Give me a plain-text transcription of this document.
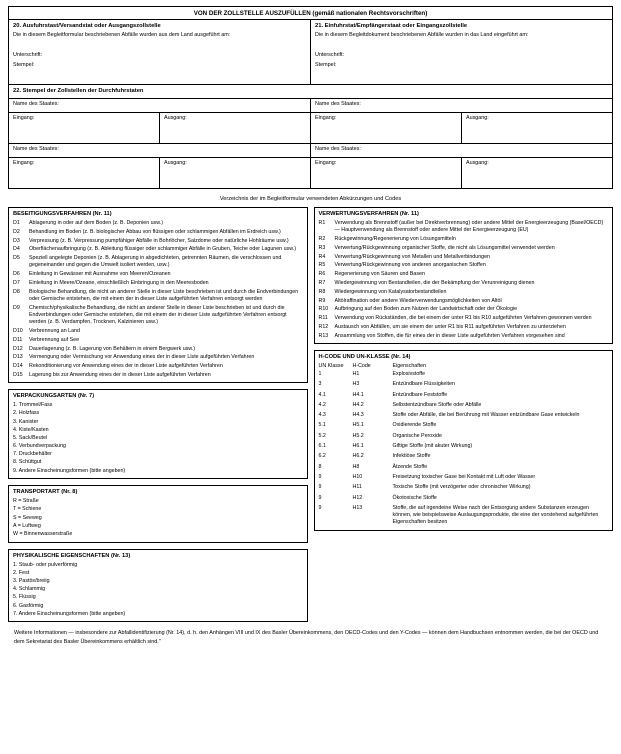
VON DER ZOLLSTELLE AUSZUFÜLLEN (gemäß nationalen Rechtsvorschriften)
20. Ausfuhrstast/Versandstat oder Ausgangszollstelle
Die in diesem Begleitformular beschriebenen Abfälle wurden aus dem Land ausgeführt am:
Unterschrift:
Stempel:
21. Einfuhrstat/Empfängerstaat oder Eingangszollstelle
Die in diesem Begleitdokument beschriebenen Abfälle wurden in das Land eingeführt am:
Unterschrift:
Stempel:
22. Stempel der Zollstellen der Durchfuhrstaten
Name des Staates:
Eingang:	Ausgang:
Name des Staates:
Eingang:	Ausgang:
Name des Staates:
Eingang:	Ausgang:
Name des Staates:
Eingang:	Ausgang:
Verzeichnis der im Begleitformular verwendeten Abkürzungen und Codes
BESEITIGUNGSVERFAHREN (Nr. 11)
D1	Ablagerung in oder auf dem Boden (z. B. Deponien usw.)
D2	Behandlung im Boden (z. B. biologischer Abbau von flüssigen oder schlammigen Abfällen im Erdreich usw.)
D3	Verpressung (z. B. Verpressung pumpfähiger Abfälle in Bohrlöcher, Salzdome oder natürliche Hohlräume usw.)
D4	Oberflächenaufbringung (z. B. Ableitung flüssiger oder schlammiger Abfälle in Gruben, Teiche oder Lagunen usw.)
D5	Speziell angelegte Deponien (z. B. Ablagerung in abgedichteten, getrennten Räumen, die verschlossen und gegeneinander und gegen die Umwelt isoliert werden, usw.)
D6	Einleitung in Gewässer mit Ausnahme von Meeren/Ozeanen
D7	Einleitung in Meere/Ozeane, einschließlich Einbringung in den Meeresboden
D8	Biologische Behandlung, die nicht an anderer Stelle in dieser Liste beschrieben ist und durch die Endverbindungen oder Gemische entstehen, die mit einem der in dieser Liste aufgeführten Verfahren entsorgt werden
D9	Chemisch/physikalische Behandlung, die nicht an anderer Stelle in dieser Liste beschrieben ist und durch die Endverbindungen oder Gemische entstehen, die mit einem der in dieser Liste aufgeführten Verfahren entsorgt werden (z. B. Verdampfen, Trocknen, Kalzinieren usw.)
D10	Verbrennung an Land
D11	Verbrennung auf See
D12	Dauerlagerung (z. B. Lagerung von Behältern in einem Bergwerk usw.)
D13	Vermengung oder Vermischung vor Anwendung eines der in dieser Liste aufgeführten Verfahren
D14	Rekonditionierung vor Anwendung eines der in dieser Liste aufgeführten Verfahren
D15	Lagerung bis zur Anwendung eines der in dieser Liste aufgeführten Verfahren
VERPACKUNGSARTEN (Nr. 7)
1. Trommel/Fass
2. Holzfass
3. Kanister
4. Kiste/Kasten
5. Sack/Beutel
6. Verbundverpackung
7. Druckbehälter
8. Schüttgut
9. Andere Einscheinungsformen (bitte angeben)
TRANSPORTART (Nr. 8)
R = Straße
T = Schiene
S = Seeweg
A = Luftweg
W = Binnenwasserstraße
PHYSIKALISCHE EIGENSCHAFTEN (Nr. 13)
1. Staub- oder pulverförmig
2. Fest
3. Pastös/breiig
4. Schlammig
5. Flüssig
6. Gasförmig
7. Andere Einscheinungsformen (bitte angeben)
VERWERTUNGSVERFAHREN (Nr. 11)
R1	Verwendung als Brennstoff (außer bei Direktverbrennung) oder andere Mittel der Energieerzeugung (Basel/OECD) — Hauptverwendung als Brennstoff oder andere Mittel der Energieerzeugung (EU)
R2	Rückgewinnung/Regenerierung von Lösungsmitteln
R3	Verwertung/Rückgewinnung organischer Stoffe, die nicht als Lösungsmittel verwendet werden
R4	Verwertung/Rückgewinnung von Metallen und Metallverbindungen
R5	Verwertung/Rückgewinnung von anderen anorganischen Stoffen
R6	Regenerierung von Säuren und Basen
R7	Wiedergewinnung von Bestandteilen, die der Bekämpfung der Verunreinigung dienen
R8	Wiedergewinnung von Katalysatorbestandteilen
R9	Altölraffination oder andere Wiederverwendungsmöglichkeiten von Altöl
R10	Aufbringung auf den Boden zum Nutzen der Landwirtschaft oder der Ökologie
R11	Verwendung von Rückständen, die bei einem der unter R1 bis R10 aufgeführten Verfahren gewonnen werden
R12	Austausch von Abfällen, um sie einem der unter R1 bis R11 aufgeführten Verfahren zu unterziehen
R13	Ansammlung von Stoffen, die für eines der in dieser Liste aufgeführten Verfahren vorgesehen sind
H-CODE UND UN-KLASSE (Nr. 14)
UN Klasse	H-Code	Eigenschaften
1	H1	Explosivstoffe
3	H3	Entzündbare Flüssigkeiten
4.1	H4.1	Entzündbare Feststoffe
4.2	H4.2	Selbstentzündbare Stoffe oder Abfälle
4.3	H4.3	Stoffe oder Abfälle, die bei Berührung mit Wasser entzündbare Gase entwickeln
5.1	H5.1	Oxidierende Stoffe
5.2	H5.2	Organische Peroxide
6.1	H6.1	Giftige Stoffe (mit akuter Wirkung)
6.2	H6.2	Infektiöse Stoffe
8	H8	Ätzende Stoffe
9	H10	Freisetzung toxischer Gase bei Kontakt mit Luft oder Wasser
9	H11	Toxische Stoffe (mit verzögerter oder chronischer Wirkung)
9	H12	Ökotoxische Stoffe
9	H13	Stoffe, die auf irgendeine Weise nach der Entsorgung andere Substanzen erzeugen können, wie beispielsweise Auslaugungsprodukte, die eine der vorstehend aufgeführten Eigenschaften besitzen
Weitere Informationen — insbesondere zur Abfallidentifizierung (Nr. 14), d. h. den Anhängen VIII und IX des Basler Übereinkommens, den OECD-Codes und den Y-Codes — können dem Handbuchsen entnommen werden, die bei der OECD und dem Sekretariat des Basler Übereinkommens erhältlich sind."
